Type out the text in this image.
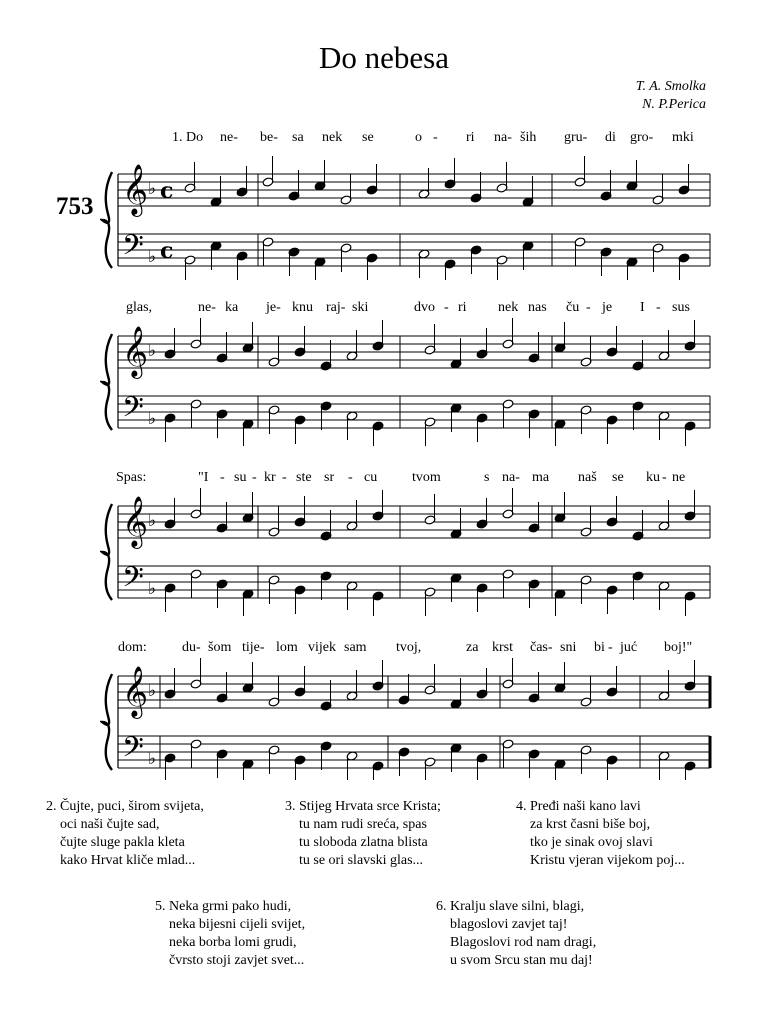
Do nebesa
T. A. Smolka
N. P.Perica
753
1. Do ne- be- sa nek se	o - ri na- ših gru- di gro- mki
𝄞
𝄢
♭
♭
c
c
glas,	ne- ka je- knu raj- ski	dvo - ri nek nas ču - je I - sus
𝄞
𝄢
♭
♭
Spas:	"I - su - kr - ste sr - cu tvom	s na- ma naš se ku - ne
𝄞
𝄢
♭
♭
dom:	du- šom tije- lom vijek sam tvoj,	za krst čas- sni bi - juć boj!"
𝄞
𝄢
♭
♭
2. Čujte, puci, širom svijeta,
oci naši čujte sad,
čujte sluge pakla kleta
kako Hrvat kliče mlad...
3. Stijeg Hrvata srce Krista;
tu nam rudi sreća, spas
tu sloboda zlatna blista
tu se ori slavski glas...
4. Pređi naši kano lavi
za krst časni biše boj,
tko je sinak ovoj slavi
Kristu vjeran vijekom poj...
5. Neka grmi pako hudi,
neka bijesni cijeli svijet,
neka borba lomi grudi,
čvrsto stoji zavjet svet...
6. Kralju slave silni, blagi,
blagoslovi zavjet taj!
Blagoslovi rod nam dragi,
u svom Srcu stan mu daj!
